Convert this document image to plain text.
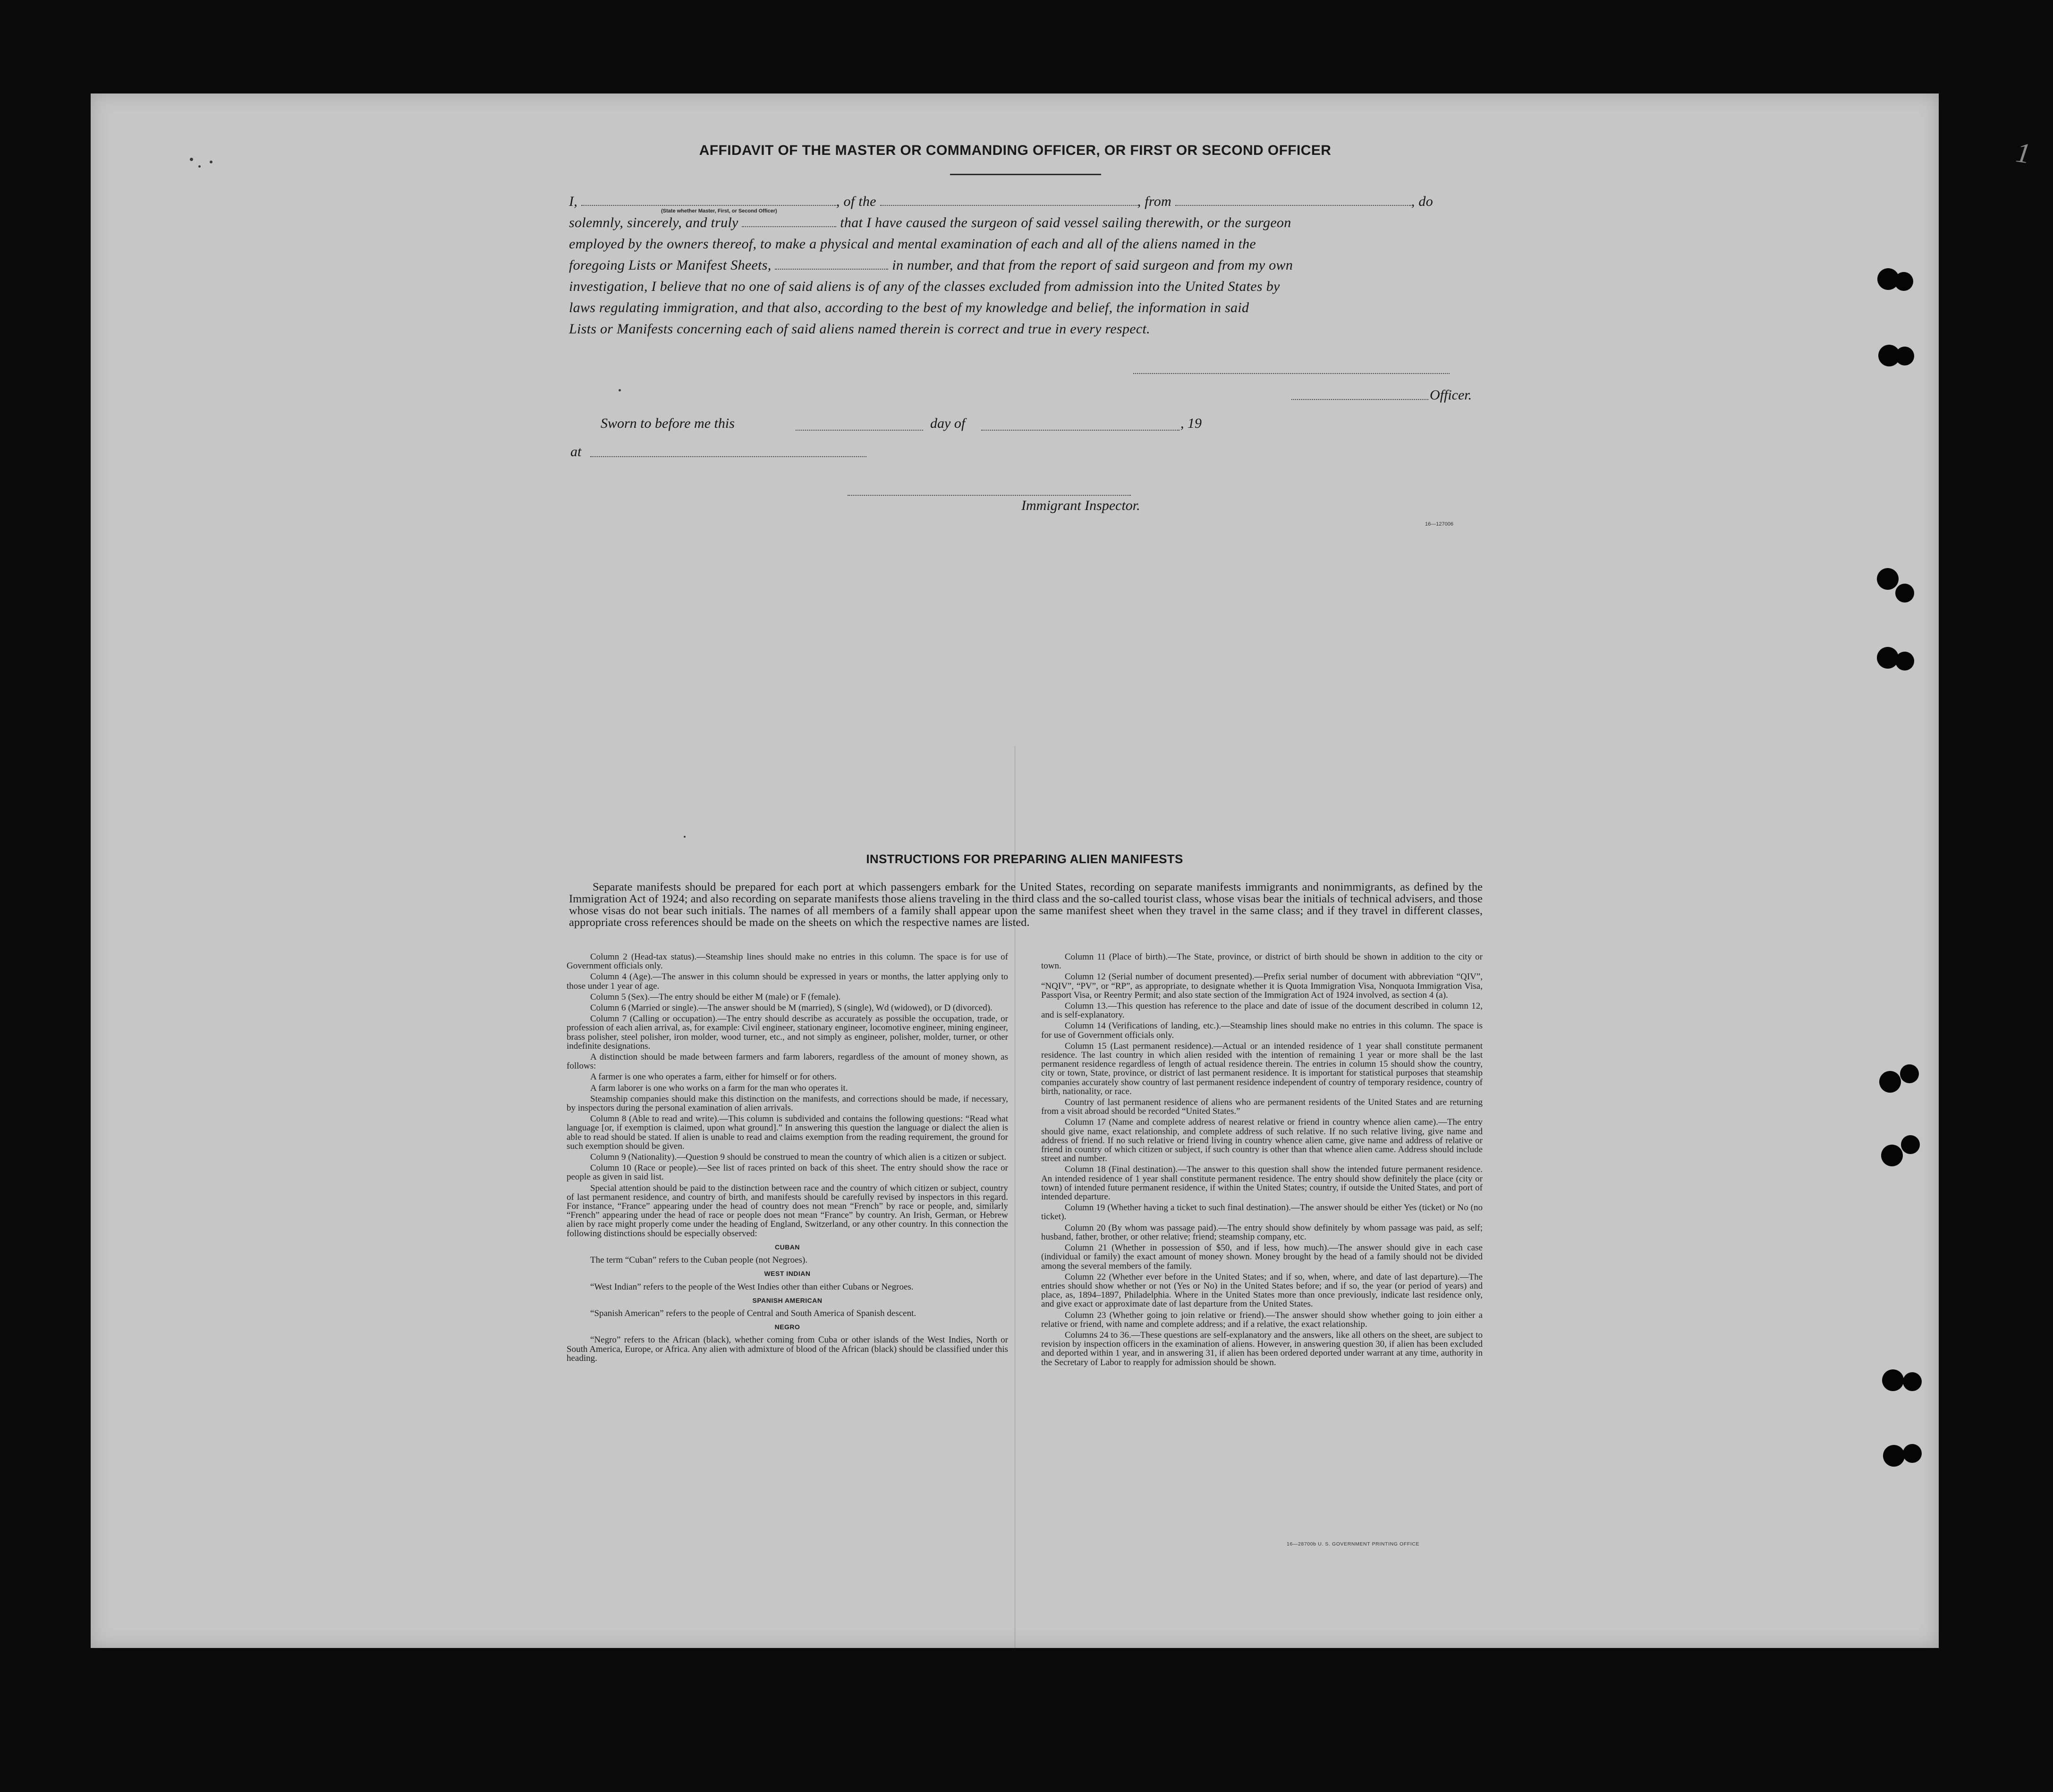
1
AFFIDAVIT OF THE MASTER OR COMMANDING OFFICER, OR FIRST OR SECOND OFFICER
I,	, of the	, from	, do
(State whether Master, First, or Second Officer)
solemnly, sincerely, and truly	that I have caused the surgeon of said vessel sailing therewith, or the surgeon
employed by the owners thereof, to make a physical and mental examination of each and all of the aliens named in the
foregoing Lists or Manifest Sheets,	in number, and that from the report of said surgeon and from my own
investigation, I believe that no one of said aliens is of any of the classes excluded from admission into the United States by
laws regulating immigration, and that also, according to the best of my knowledge and belief, the information in said
Lists or Manifests concerning each of said aliens named therein is correct and true in every respect.
Officer.
Sworn to before me this	day of	, 19
at
Immigrant Inspector.
16—127006
INSTRUCTIONS FOR PREPARING ALIEN MANIFESTS
Separate manifests should be prepared for each port at which passengers embark for the United States, recording on separate manifests immigrants and nonimmigrants, as defined by the Immigration Act of 1924; and also recording on separate manifests those aliens traveling in the third class and the so-called tourist class, whose visas bear the initials of technical advisers, and those whose visas do not bear such initials. The names of all members of a family shall appear upon the same manifest sheet when they travel in the same class; and if they travel in different classes, appropriate cross references should be made on the sheets on which the respective names are listed.

Column 2 (Head-tax status).—Steamship lines should make no entries in this column. The space is for use of Government officials only.

Column 4 (Age).—The answer in this column should be expressed in years or months, the latter applying only to those under 1 year of age.

Column 5 (Sex).—The entry should be either M (male) or F (female).

Column 6 (Married or single).—The answer should be M (married), S (single), Wd (widowed), or D (divorced).

Column 7 (Calling or occupation).—The entry should describe as accurately as possible the occupation, trade, or profession of each alien arrival, as, for example: Civil engineer, stationary engineer, locomotive engineer, mining engineer, brass polisher, steel polisher, iron molder, wood turner, etc., and not simply as engineer, polisher, molder, turner, or other indefinite designations.

A distinction should be made between farmers and farm laborers, regardless of the amount of money shown, as follows:

A farmer is one who operates a farm, either for himself or for others.

A farm laborer is one who works on a farm for the man who operates it.

Steamship companies should make this distinction on the manifests, and corrections should be made, if necessary, by inspectors during the personal examination of alien arrivals.

Column 8 (Able to read and write).—This column is subdivided and contains the following questions: “Read what language [or, if exemption is claimed, upon what ground].” In answering this question the language or dialect the alien is able to read should be stated. If alien is unable to read and claims exemption from the reading requirement, the ground for such exemption should be given.

Column 9 (Nationality).—Question 9 should be construed to mean the country of which alien is a citizen or subject.

Column 10 (Race or people).—See list of races printed on back of this sheet. The entry should show the race or people as given in said list.

Special attention should be paid to the distinction between race and the country of which citizen or subject, country of last permanent residence, and country of birth, and manifests should be carefully revised by inspectors in this regard. For instance, “France” appearing under the head of country does not mean “French” by race or people, and, similarly “French” appearing under the head of race or people does not mean “France” by country. An Irish, German, or Hebrew alien by race might properly come under the heading of England, Switzerland, or any other country. In this connection the following distinctions should be especially observed:

CUBAN

The term “Cuban” refers to the Cuban people (not Negroes).

WEST INDIAN

“West Indian” refers to the people of the West Indies other than either Cubans or Negroes.

SPANISH AMERICAN

“Spanish American” refers to the people of Central and South America of Spanish descent.

NEGRO

“Negro” refers to the African (black), whether coming from Cuba or other islands of the West Indies, North or South America, Europe, or Africa. Any alien with admixture of blood of the African (black) should be classified under this heading.

Column 11 (Place of birth).—The State, province, or district of birth should be shown in addition to the city or town.

Column 12 (Serial number of document presented).—Prefix serial number of document with abbreviation “QIV”, “NQIV”, “PV”, or “RP”, as appropriate, to designate whether it is Quota Immigration Visa, Nonquota Immigration Visa, Passport Visa, or Reentry Permit; and also state section of the Immigration Act of 1924 involved, as section 4 (a).

Column 13.—This question has reference to the place and date of issue of the document described in column 12, and is self-explanatory.

Column 14 (Verifications of landing, etc.).—Steamship lines should make no entries in this column. The space is for use of Government officials only.

Column 15 (Last permanent residence).—Actual or an intended residence of 1 year shall constitute permanent residence. The last country in which alien resided with the intention of remaining 1 year or more shall be the last permanent residence regardless of length of actual residence therein. The entries in column 15 should show the country, city or town, State, province, or district of last permanent residence. It is important for statistical purposes that steamship companies accurately show country of last permanent residence independent of country of temporary residence, country of birth, nationality, or race.

Country of last permanent residence of aliens who are permanent residents of the United States and are returning from a visit abroad should be recorded “United States.”

Column 17 (Name and complete address of nearest relative or friend in country whence alien came).—The entry should give name, exact relationship, and complete address of such relative. If no such relative living, give name and address of friend. If no such relative or friend living in country whence alien came, give name and address of relative or friend in country of which citizen or subject, if such country is other than that whence alien came. Address should include street and number.

Column 18 (Final destination).—The answer to this question shall show the intended future permanent residence. An intended residence of 1 year shall constitute permanent residence. The entry should show definitely the place (city or town) of intended future permanent residence, if within the United States; country, if outside the United States, and port of intended departure.

Column 19 (Whether having a ticket to such final destination).—The answer should be either Yes (ticket) or No (no ticket).

Column 20 (By whom was passage paid).—The entry should show definitely by whom passage was paid, as self; husband, father, brother, or other relative; friend; steamship company, etc.

Column 21 (Whether in possession of $50, and if less, how much).—The answer should give in each case (individual or family) the exact amount of money shown. Money brought by the head of a family should not be divided among the several members of the family.

Column 22 (Whether ever before in the United States; and if so, when, where, and date of last departure).—The entries should show whether or not (Yes or No) in the United States before; and if so, the year (or period of years) and place, as, 1894–1897, Philadelphia. Where in the United States more than once previously, indicate last residence only, and give exact or approximate date of last departure from the United States.

Column 23 (Whether going to join relative or friend).—The answer should show whether going to join either a relative or friend, with name and complete address; and if a relative, the exact relationship.

Columns 24 to 36.—These questions are self-explanatory and the answers, like all others on the sheet, are subject to revision by inspection officers in the examination of aliens. However, in answering question 30, if alien has been excluded and deported within 1 year, and in answering 31, if alien has been ordered deported under warrant at any time, authority in the Secretary of Labor to reapply for admission should be shown.

16—28700b U. S. GOVERNMENT PRINTING OFFICE
